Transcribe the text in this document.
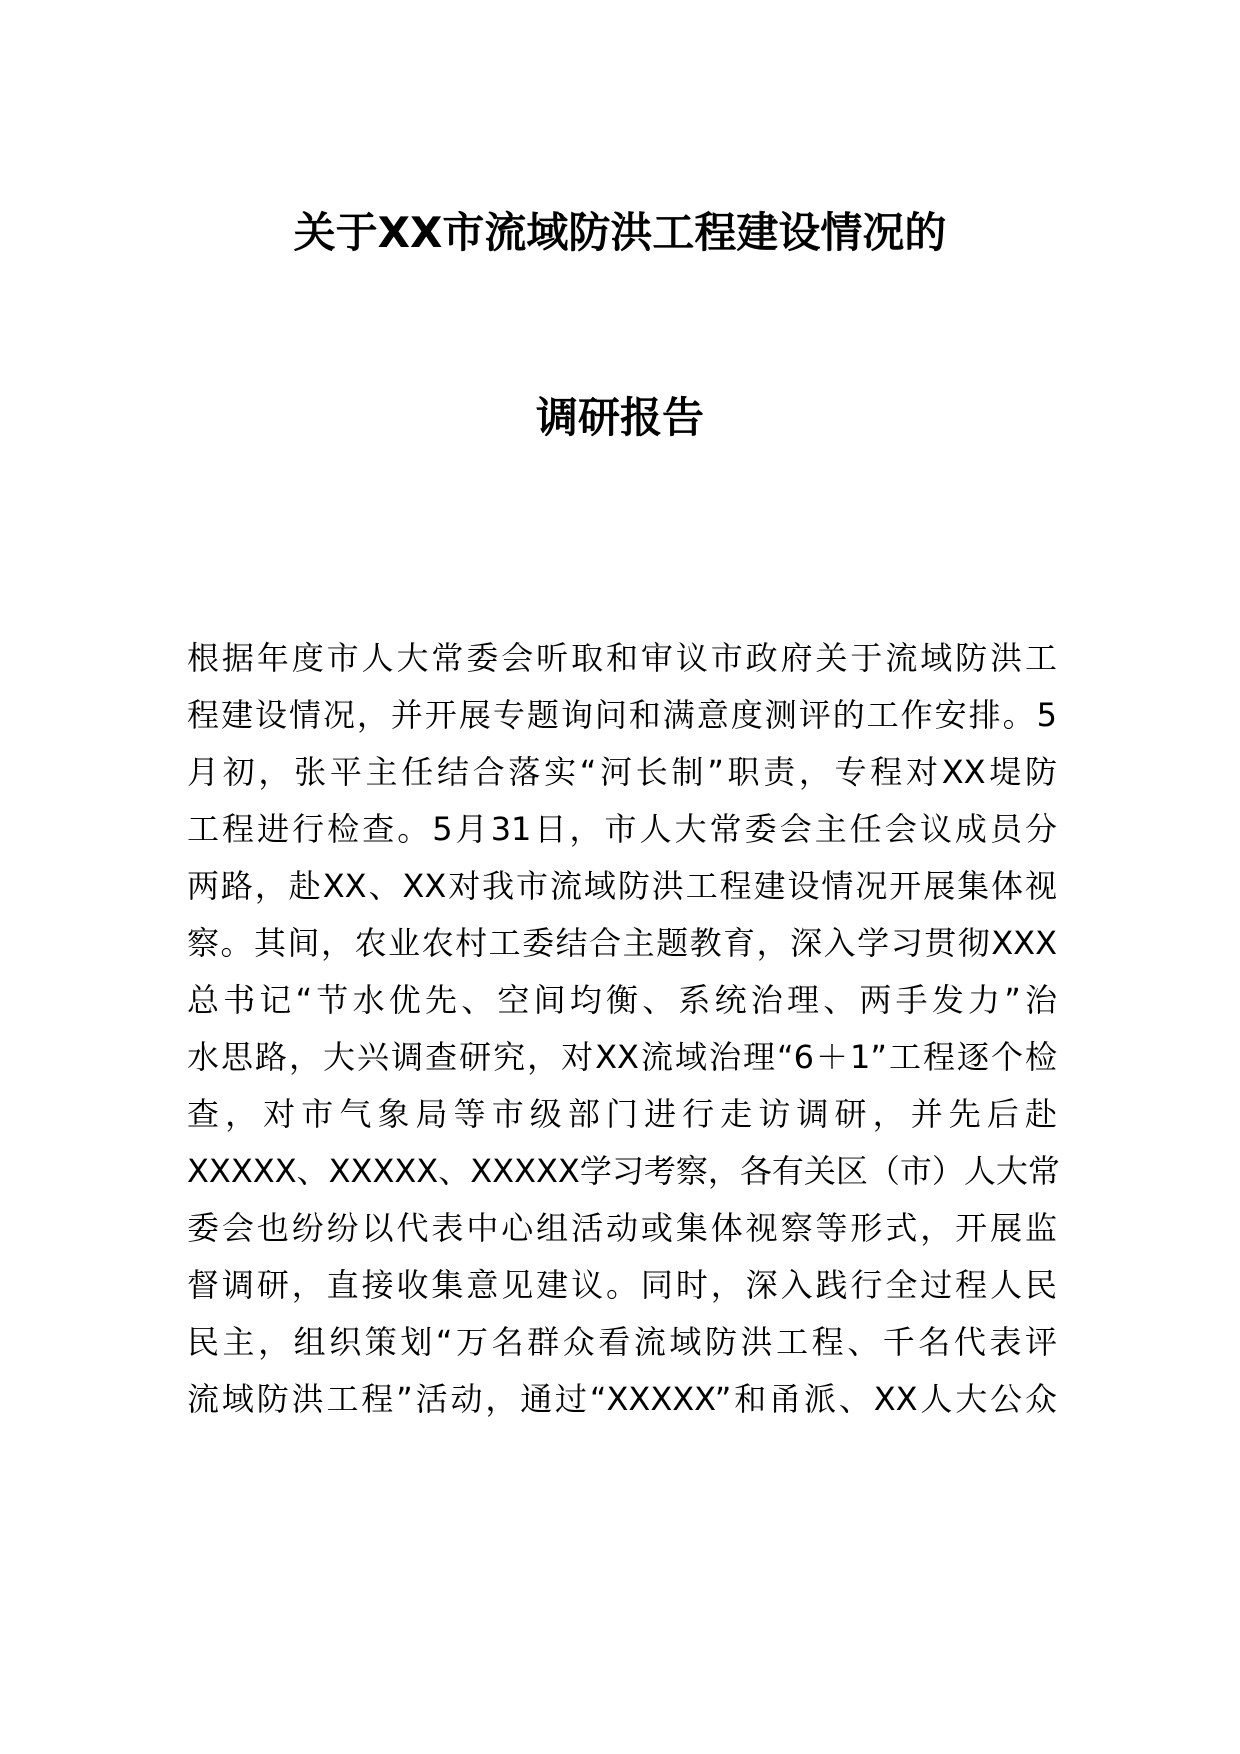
关于XX市流域防洪工程建设情况的
调研报告
根据年度市人大常委会听取和审议市政府关于流域防洪工
程建设情况，并开展专题询问和满意度测评的工作安排。5
月初，张平主任结合落实“河长制”职责，专程对XX堤防
工程进行检查。5月31日，市人大常委会主任会议成员分
两路，赴XX、XX对我市流域防洪工程建设情况开展集体视
察。其间，农业农村工委结合主题教育，深入学习贯彻XXX
总书记“节水优先、空间均衡、系统治理、两手发力”治
水思路，大兴调查研究，对XX流域治理“6＋1”工程逐个检
查，对市气象局等市级部门进行走访调研，并先后赴
XXXXX、XXXXX、XXXXX学习考察，各有关区（市）人大常
委会也纷纷以代表中心组活动或集体视察等形式，开展监
督调研，直接收集意见建议。同时，深入践行全过程人民
民主，组织策划“万名群众看流域防洪工程、千名代表评
流域防洪工程”活动，通过“XXXXX”和甬派、XX人大公众
